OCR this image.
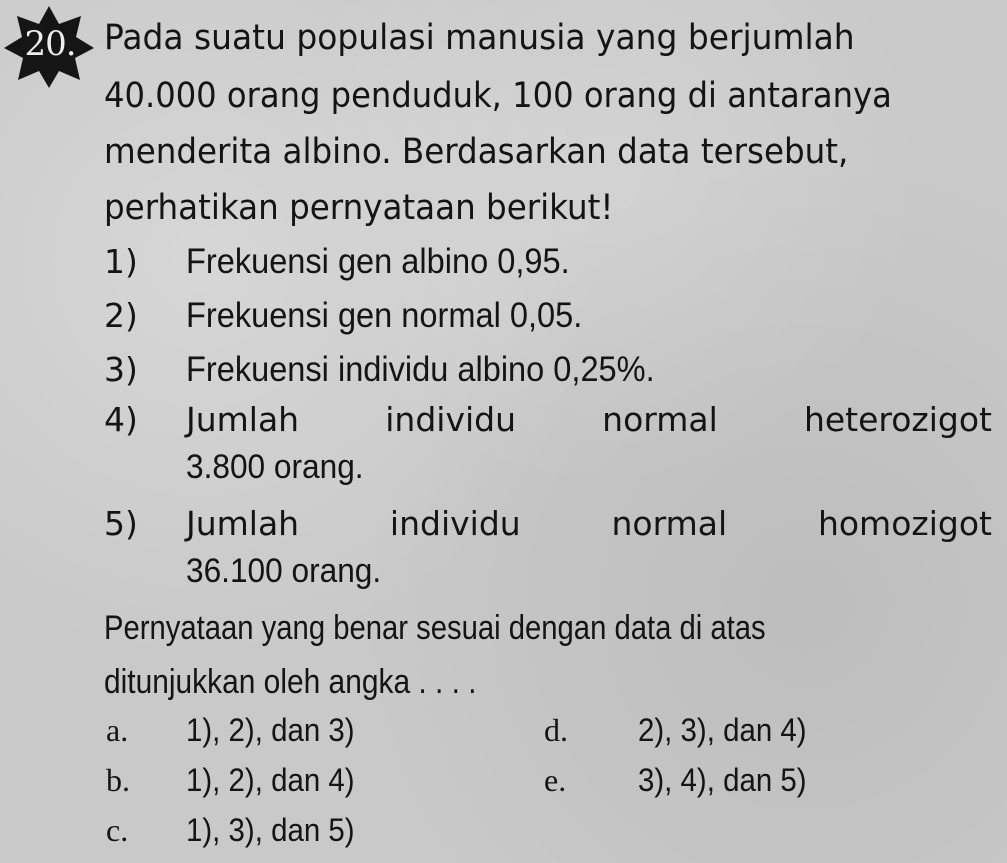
20. Pada suatu populasi manusia yang berjumlah
40.000 orang penduduk, 100 orang di antaranya
menderita albino. Berdasarkan data tersebut,
perhatikan pernyataan berikut!
1) Frekuensi gen albino 0,95.
2) Frekuensi gen normal 0,05.
3) Frekuensi individu albino 0,25%.
4) Jumlah	individu	normal	heterozigot
3.800 orang.
5) Jumlah	individu	normal	homozigot
36.100 orang.
Pernyataan yang benar sesuai dengan data di atas
ditunjukkan oleh angka . . . .
a. 1), 2), dan 3)
b. 1), 2), dan 4)
c. 1), 3), dan 5)
d. 2), 3), dan 4)
e. 3), 4), dan 5)
